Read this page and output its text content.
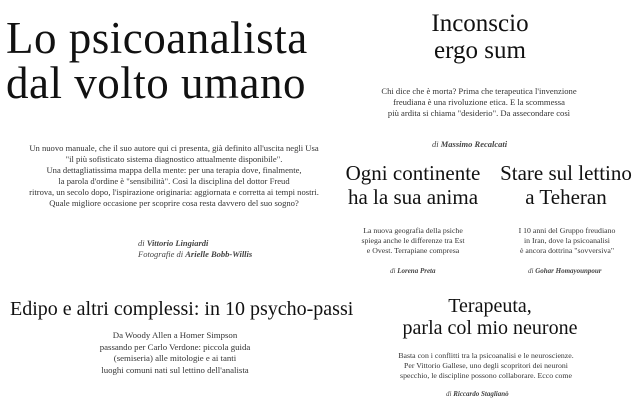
Lo psicoanalista
dal volto umano
Un nuovo manuale, che il suo autore qui ci presenta, già definito all'uscita negli Usa
"il più sofisticato sistema diagnostico attualmente disponibile".
Una dettagliatissima mappa della mente: per una terapia dove, finalmente,
la parola d'ordine è "sensibilità". Così la disciplina del dottor Freud
ritrova, un secolo dopo, l'ispirazione originaria: aggiornata e corretta ai tempi nostri.
Quale migliore occasione per scoprire cosa resta davvero del suo sogno?
di Vittorio Lingiardi
Fotografie di Arielle Bobb-Willis
Inconscio
ergo sum
Chi dice che è morta? Prima che terapeutica l'invenzione
freudiana è una rivoluzione etica. E la scommessa
più ardita si chiama "desiderio". Da assecondare così
di Massimo Recalcati
Ogni continente
ha la sua anima
La nuova geografia della psiche
spiega anche le differenze tra Est
e Ovest. Terrapiane compresa
di Lorena Preta
Stare sul lettino
a Teheran
I 10 anni del Gruppo freudiano
in Iran, dove la psicoanalisi
è ancora dottrina "sovversiva"
di Gohar Homayounpour
Edipo e altri complessi: in 10 psycho-passi
Da Woody Allen a Homer Simpson
passando per Carlo Verdone: piccola guida
(semiseria) alle mitologie e ai tanti
luoghi comuni nati sul lettino dell'analista
Terapeuta,
parla col mio neurone
Basta con i conflitti tra la psicoanalisi e le neuroscienze.
Per Vittorio Gallese, uno degli scopritori dei neuroni
specchio, le discipline possono collaborare. Ecco come
di Riccardo Staglianò
